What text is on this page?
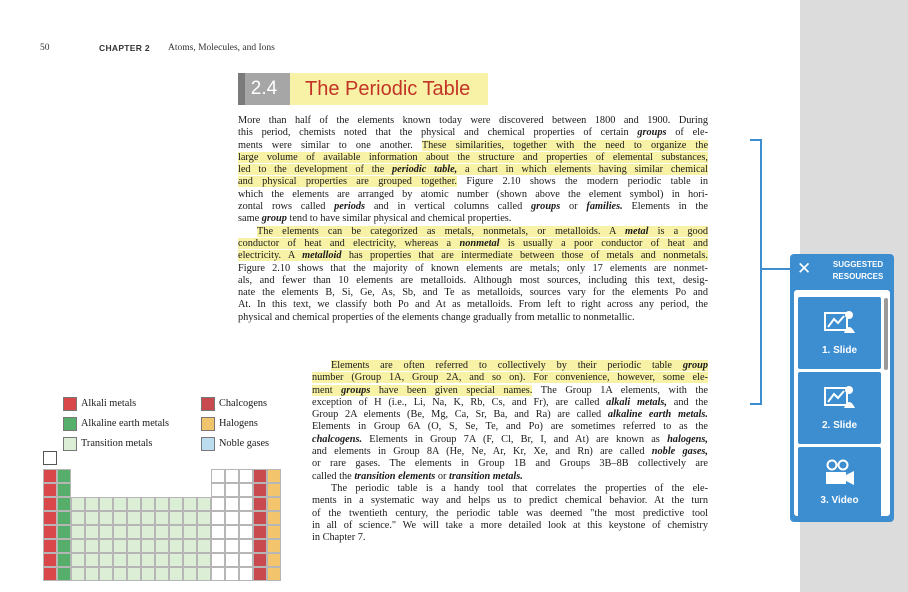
50	CHAPTER 2 Atoms, Molecules, and Ions
2.4	The Periodic Table
More than half of the elements known today were discovered between 1800 and 1900. During
this period, chemists noted that the physical and chemical properties of certain groups of ele-
ments were similar to one another. These similarities, together with the need to organize the
large volume of available information about the structure and properties of elemental substances,
led to the development of the periodic table, a chart in which elements having similar chemical
and physical properties are grouped together. Figure 2.10 shows the modern periodic table in
which the elements are arranged by atomic number (shown above the element symbol) in hori-
zontal rows called periods and in vertical columns called groups or families. Elements in the
same group tend to have similar physical and chemical properties.
The elements can be categorized as metals, nonmetals, or metalloids. A metal is a good
conductor of heat and electricity, whereas a nonmetal is usually a poor conductor of heat and
electricity. A metalloid has properties that are intermediate between those of metals and nonmetals.
Figure 2.10 shows that the majority of known elements are metals; only 17 elements are nonmet-
als, and fewer than 10 elements are metalloids. Although most sources, including this text, desig-
nate the elements B, Si, Ge, As, Sb, and Te as metalloids, sources vary for the elements Po and
At. In this text, we classify both Po and At as metalloids. From left to right across any period, the
physical and chemical properties of the elements change gradually from metallic to nonmetallic.
Elements are often referred to collectively by their periodic table group
number (Group 1A, Group 2A, and so on). For convenience, however, some ele-
ment groups have been given special names. The Group 1A elements, with the
exception of H (i.e., Li, Na, K, Rb, Cs, and Fr), are called alkali metals, and the
Group 2A elements (Be, Mg, Ca, Sr, Ba, and Ra) are called alkaline earth metals.
Elements in Group 6A (O, S, Se, Te, and Po) are sometimes referred to as the
chalcogens. Elements in Group 7A (F, Cl, Br, I, and At) are known as halogens,
and elements in Group 8A (He, Ne, Ar, Kr, Xe, and Rn) are called noble gases,
or rare gases. The elements in Group 1B and Groups 3B–8B collectively are
called the transition elements or transition metals.
The periodic table is a handy tool that correlates the properties of the ele-
ments in a systematic way and helps us to predict chemical behavior. At the turn
of the twentieth century, the periodic table was deemed "the most predictive tool
in all of science." We will take a more detailed look at this keystone of chemistry
in Chapter 7.
Alkali metals
Alkaline earth metals
Transition metals
Chalcogens
Halogens
Noble gases
✕	SUGGESTED
RESOURCES
1. Slide
2. Slide
3. Video
